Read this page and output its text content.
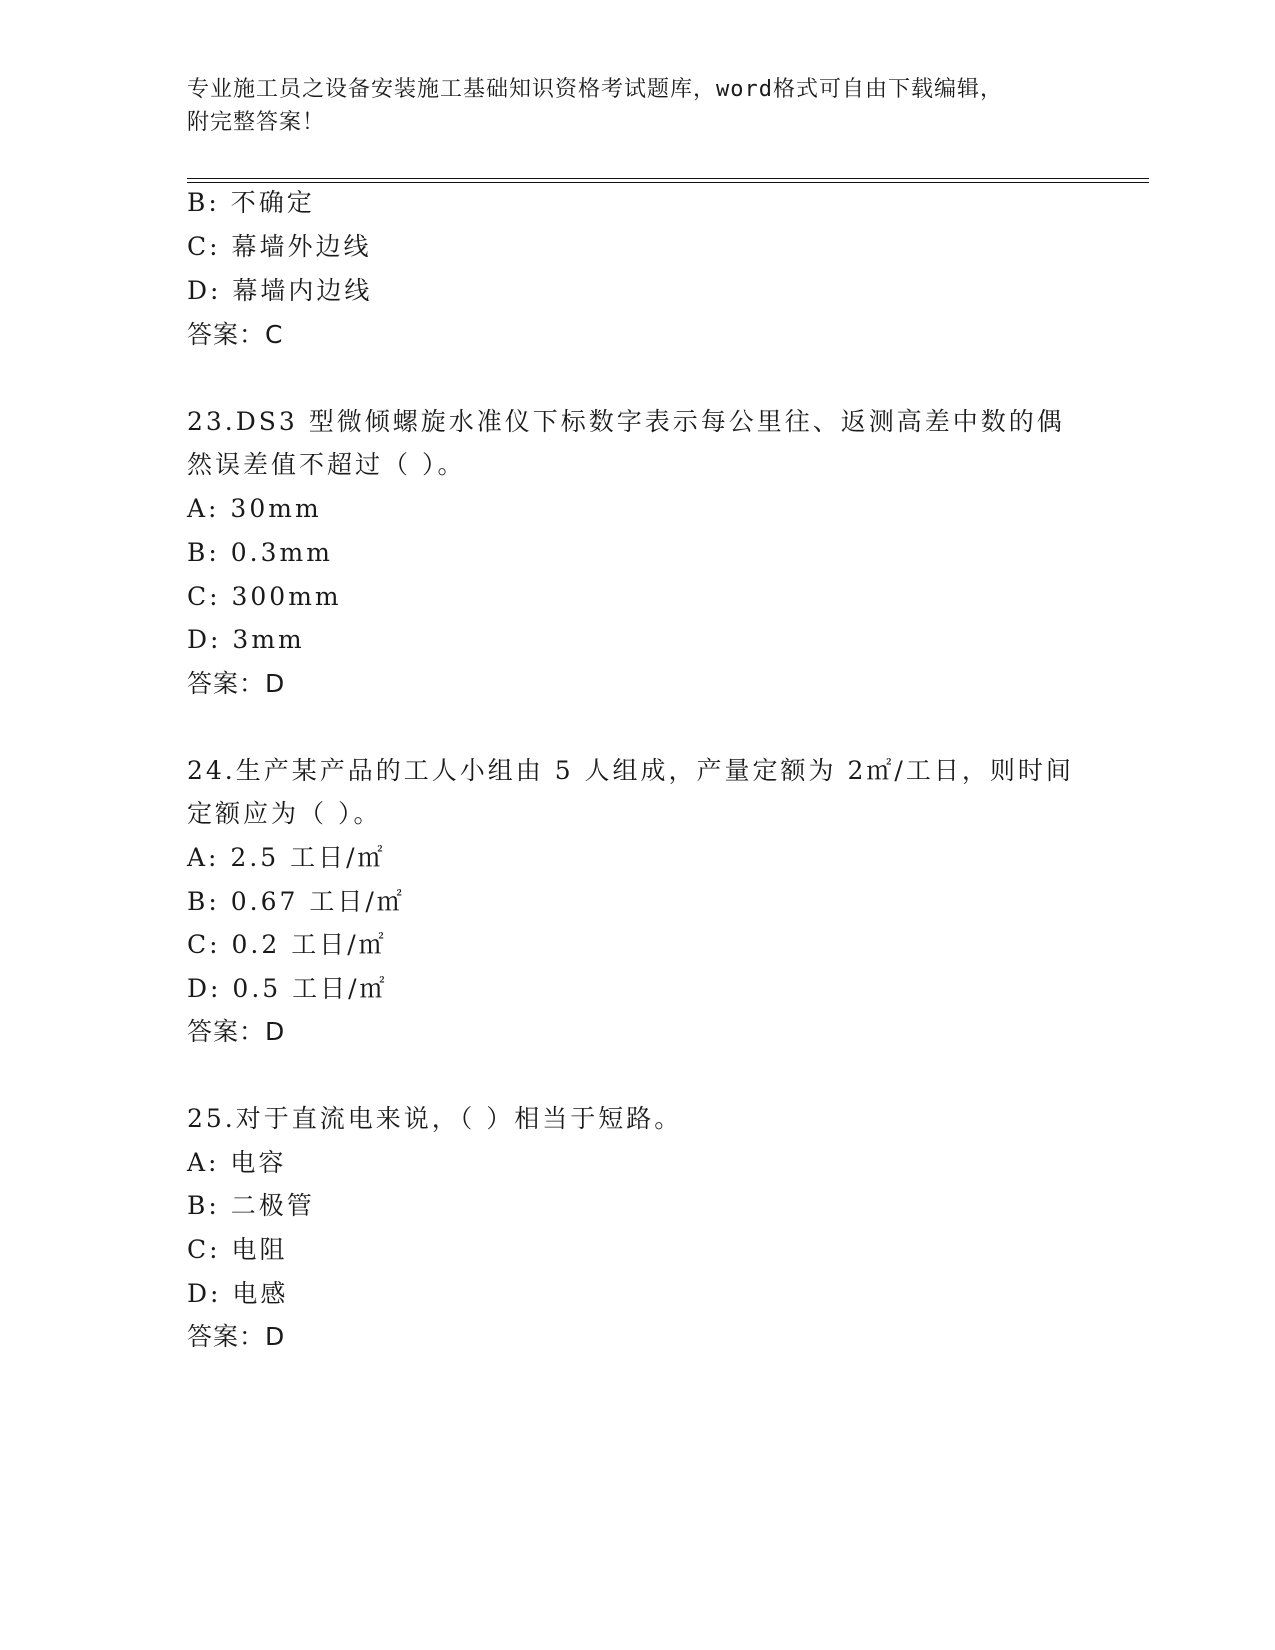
专业施工员之设备安装施工基础知识资格考试题库，word格式可自由下载编辑，
附完整答案！
B: 不确定
C: 幕墙外边线
D: 幕墙内边线
答案：C
23.DS3 型微倾螺旋水准仪下标数字表示每公里往、返测高差中数的偶
然误差值不超过（ ）。
A: 30mm
B: 0.3mm
C: 300mm
D: 3mm
答案：D
24.生产某产品的工人小组由 5 人组成，产量定额为 2㎡/工日，则时间
定额应为（ ）。
A: 2.5 工日/㎡
B: 0.67 工日/㎡
C: 0.2 工日/㎡
D: 0.5 工日/㎡
答案：D
25.对于直流电来说，（ ）相当于短路。
A: 电容
B: 二极管
C: 电阻
D: 电感
答案：D
